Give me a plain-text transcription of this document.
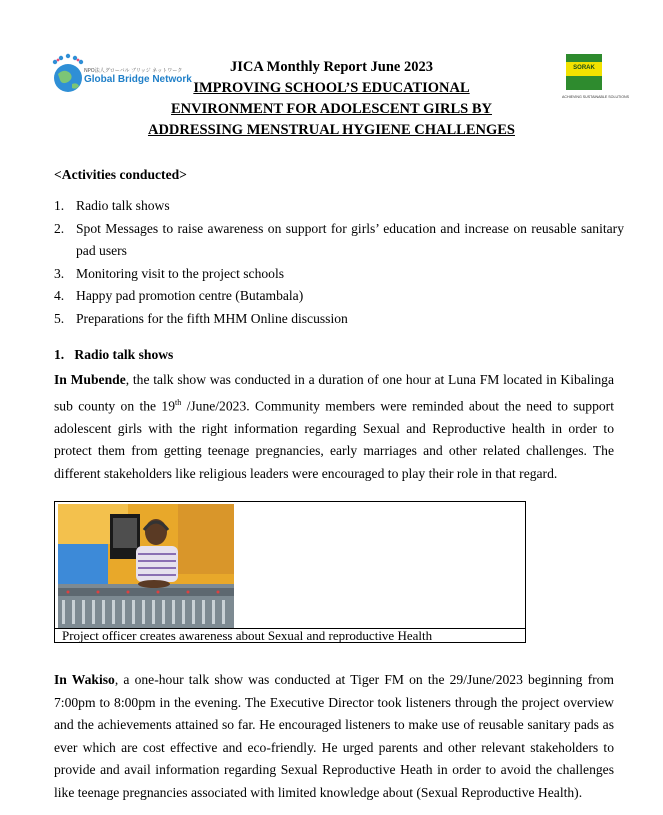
NPO法人グローバル ブリッジ ネットワーク
Global Bridge Network
SORAK
ACHIEVING SUSTAINABLE SOLUTIONS
JICA Monthly Report June 2023
IMPROVING SCHOOL’S EDUCATIONAL
ENVIRONMENT FOR ADOLESCENT GIRLS BY
ADDRESSING MENSTRUAL HYGIENE CHALLENGES
<Activities conducted>
1. Radio talk shows
2. Spot Messages to raise awareness on support for girls’ education and increase on reusable sanitary pad users
3. Monitoring visit to the project schools
4. Happy pad promotion centre (Butambala)
5. Preparations for the fifth MHM Online discussion
1.   Radio talk shows
In Mubende, the talk show was conducted in a duration of one hour at Luna FM located in Kibalinga sub county on the 19th /June/2023. Community members were reminded about the need to support adolescent girls with the right information regarding Sexual and Reproductive health in order to protect them from getting teenage pregnancies, early marriages and other related challenges. The different stakeholders like religious leaders were encouraged to play their role in that regard.
Project officer creates awareness about Sexual and reproductive Health
In Wakiso, a one-hour talk show was conducted at Tiger FM on the 29/June/2023 beginning from 7:00pm to 8:00pm in the evening. The Executive Director took listeners through the project overview and the achievements attained so far. He encouraged listeners to make use of reusable sanitary pads as ever which are cost effective and eco-friendly. He urged parents and other relevant stakeholders to provide and avail information regarding Sexual Reproductive Heath in order to avoid the challenges like teenage pregnancies associated with limited knowledge about (Sexual Reproductive Health).
